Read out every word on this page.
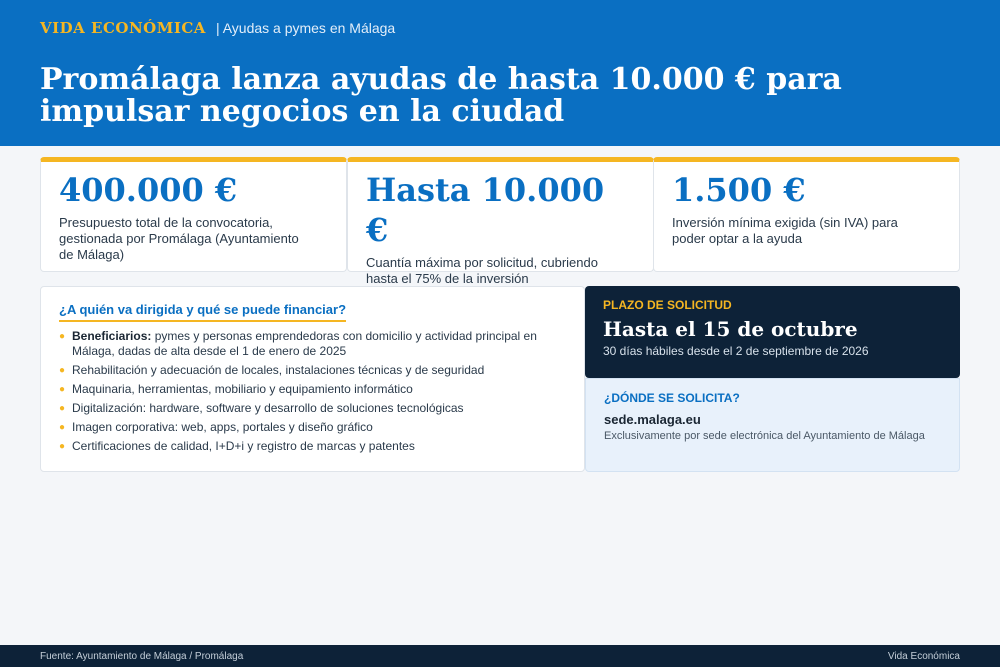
VIDA ECONÓMICA | Ayudas a pymes en Málaga
Promálaga lanza ayudas de hasta 10.000 € para impulsar negocios en la ciudad
400.000 €
Presupuesto total de la convocatoria, gestionada por Promálaga (Ayuntamiento de Málaga)
Hasta 10.000 €
Cuantía máxima por solicitud, cubriendo hasta el 75% de la inversión
1.500 €
Inversión mínima exigida (sin IVA) para poder optar a la ayuda
¿A quién va dirigida y qué se puede financiar?
● Beneficiarios: pymes y personas emprendedoras con domicilio y actividad principal en Málaga, dadas de alta desde el 1 de enero de 2025
● Rehabilitación y adecuación de locales, instalaciones técnicas y de seguridad
● Maquinaria, herramientas, mobiliario y equipamiento informático
● Digitalización: hardware, software y desarrollo de soluciones tecnológicas
● Imagen corporativa: web, apps, portales y diseño gráfico
● Certificaciones de calidad, I+D+i y registro de marcas y patentes
PLAZO DE SOLICITUD
Hasta el 15 de octubre
30 días hábiles desde el 2 de septiembre de 2026
¿DÓNDE SE SOLICITA?
sede.malaga.eu
Exclusivamente por sede electrónica del Ayuntamiento de Málaga
Fuente: Ayuntamiento de Málaga / Promálaga	Vida Económica
